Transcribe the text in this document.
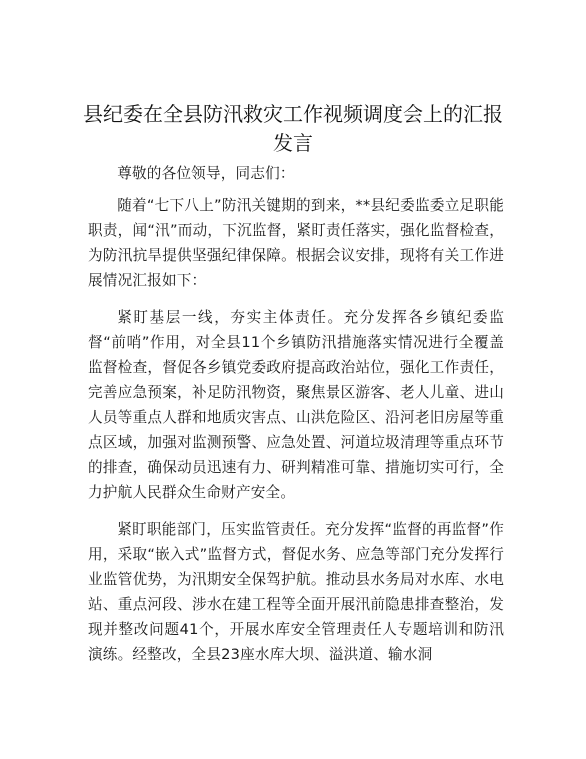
县纪委在全县防汛救灾工作视频调度会上的汇报发言

尊敬的各位领导，同志们：

随着“七下八上”防汛关键期的到来，**县纪委监委立足职能职责，闻“汛”而动，下沉监督，紧盯责任落实，强化监督检查，为防汛抗旱提供坚强纪律保障。根据会议安排，现将有关工作进展情况汇报如下：

紧盯基层一线，夯实主体责任。充分发挥各乡镇纪委监督“前哨”作用，对全县11个乡镇防汛措施落实情况进行全覆盖监督检查，督促各乡镇党委政府提高政治站位，强化工作责任，完善应急预案，补足防汛物资，聚焦景区游客、老人儿童、进山人员等重点人群和地质灾害点、山洪危险区、沿河老旧房屋等重点区域，加强对监测预警、应急处置、河道垃圾清理等重点环节的排查，确保动员迅速有力、研判精准可靠、措施切实可行，全力护航人民群众生命财产安全。

紧盯职能部门，压实监管责任。充分发挥“监督的再监督”作用，采取“嵌入式”监督方式，督促水务、应急等部门充分发挥行业监管优势，为汛期安全保驾护航。推动县水务局对水库、水电站、重点河段、涉水在建工程等全面开展汛前隐患排查整治，发现并整改问题41个，开展水库安全管理责任人专题培训和防汛演练。经整改，全县23座水库大坝、溢洪道、输水洞
